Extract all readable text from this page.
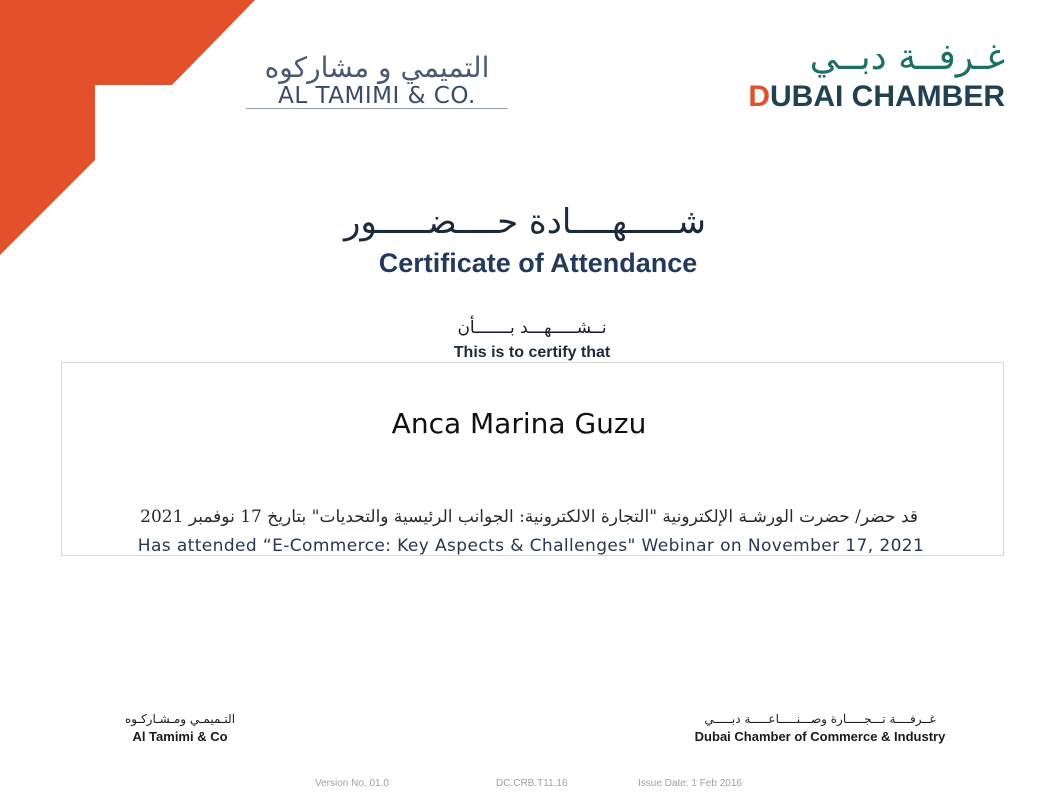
التميمي و مشاركوه
AL TAMIMI & CO.
غـرفــة دبــي
DUBAI CHAMBER
شـــــهــــادة حــــضـــــور
Certificate of Attendance
نــشـــــهـــد بـــــــأن
This is to certify that
Anca Marina Guzu
قد حضر/ حضرت الورشـة الإلكترونية "التجارة الالكترونية: الجوانب الرئيسية والتحديات" بتاريخ 17 نوفمبر 2021
Has attended “E-Commerce: Key Aspects & Challenges" Webinar on November 17, 2021
التـميمـي ومـشـاركـوه
Al Tamimi & Co
غــرفــــة تـــجـــــارة وصـــنـــــاعـــــة دبـــــي
Dubai Chamber of Commerce & Industry
Version No. 01.0	DC.CRB.T11.16	Issue Date: 1 Feb 2016
